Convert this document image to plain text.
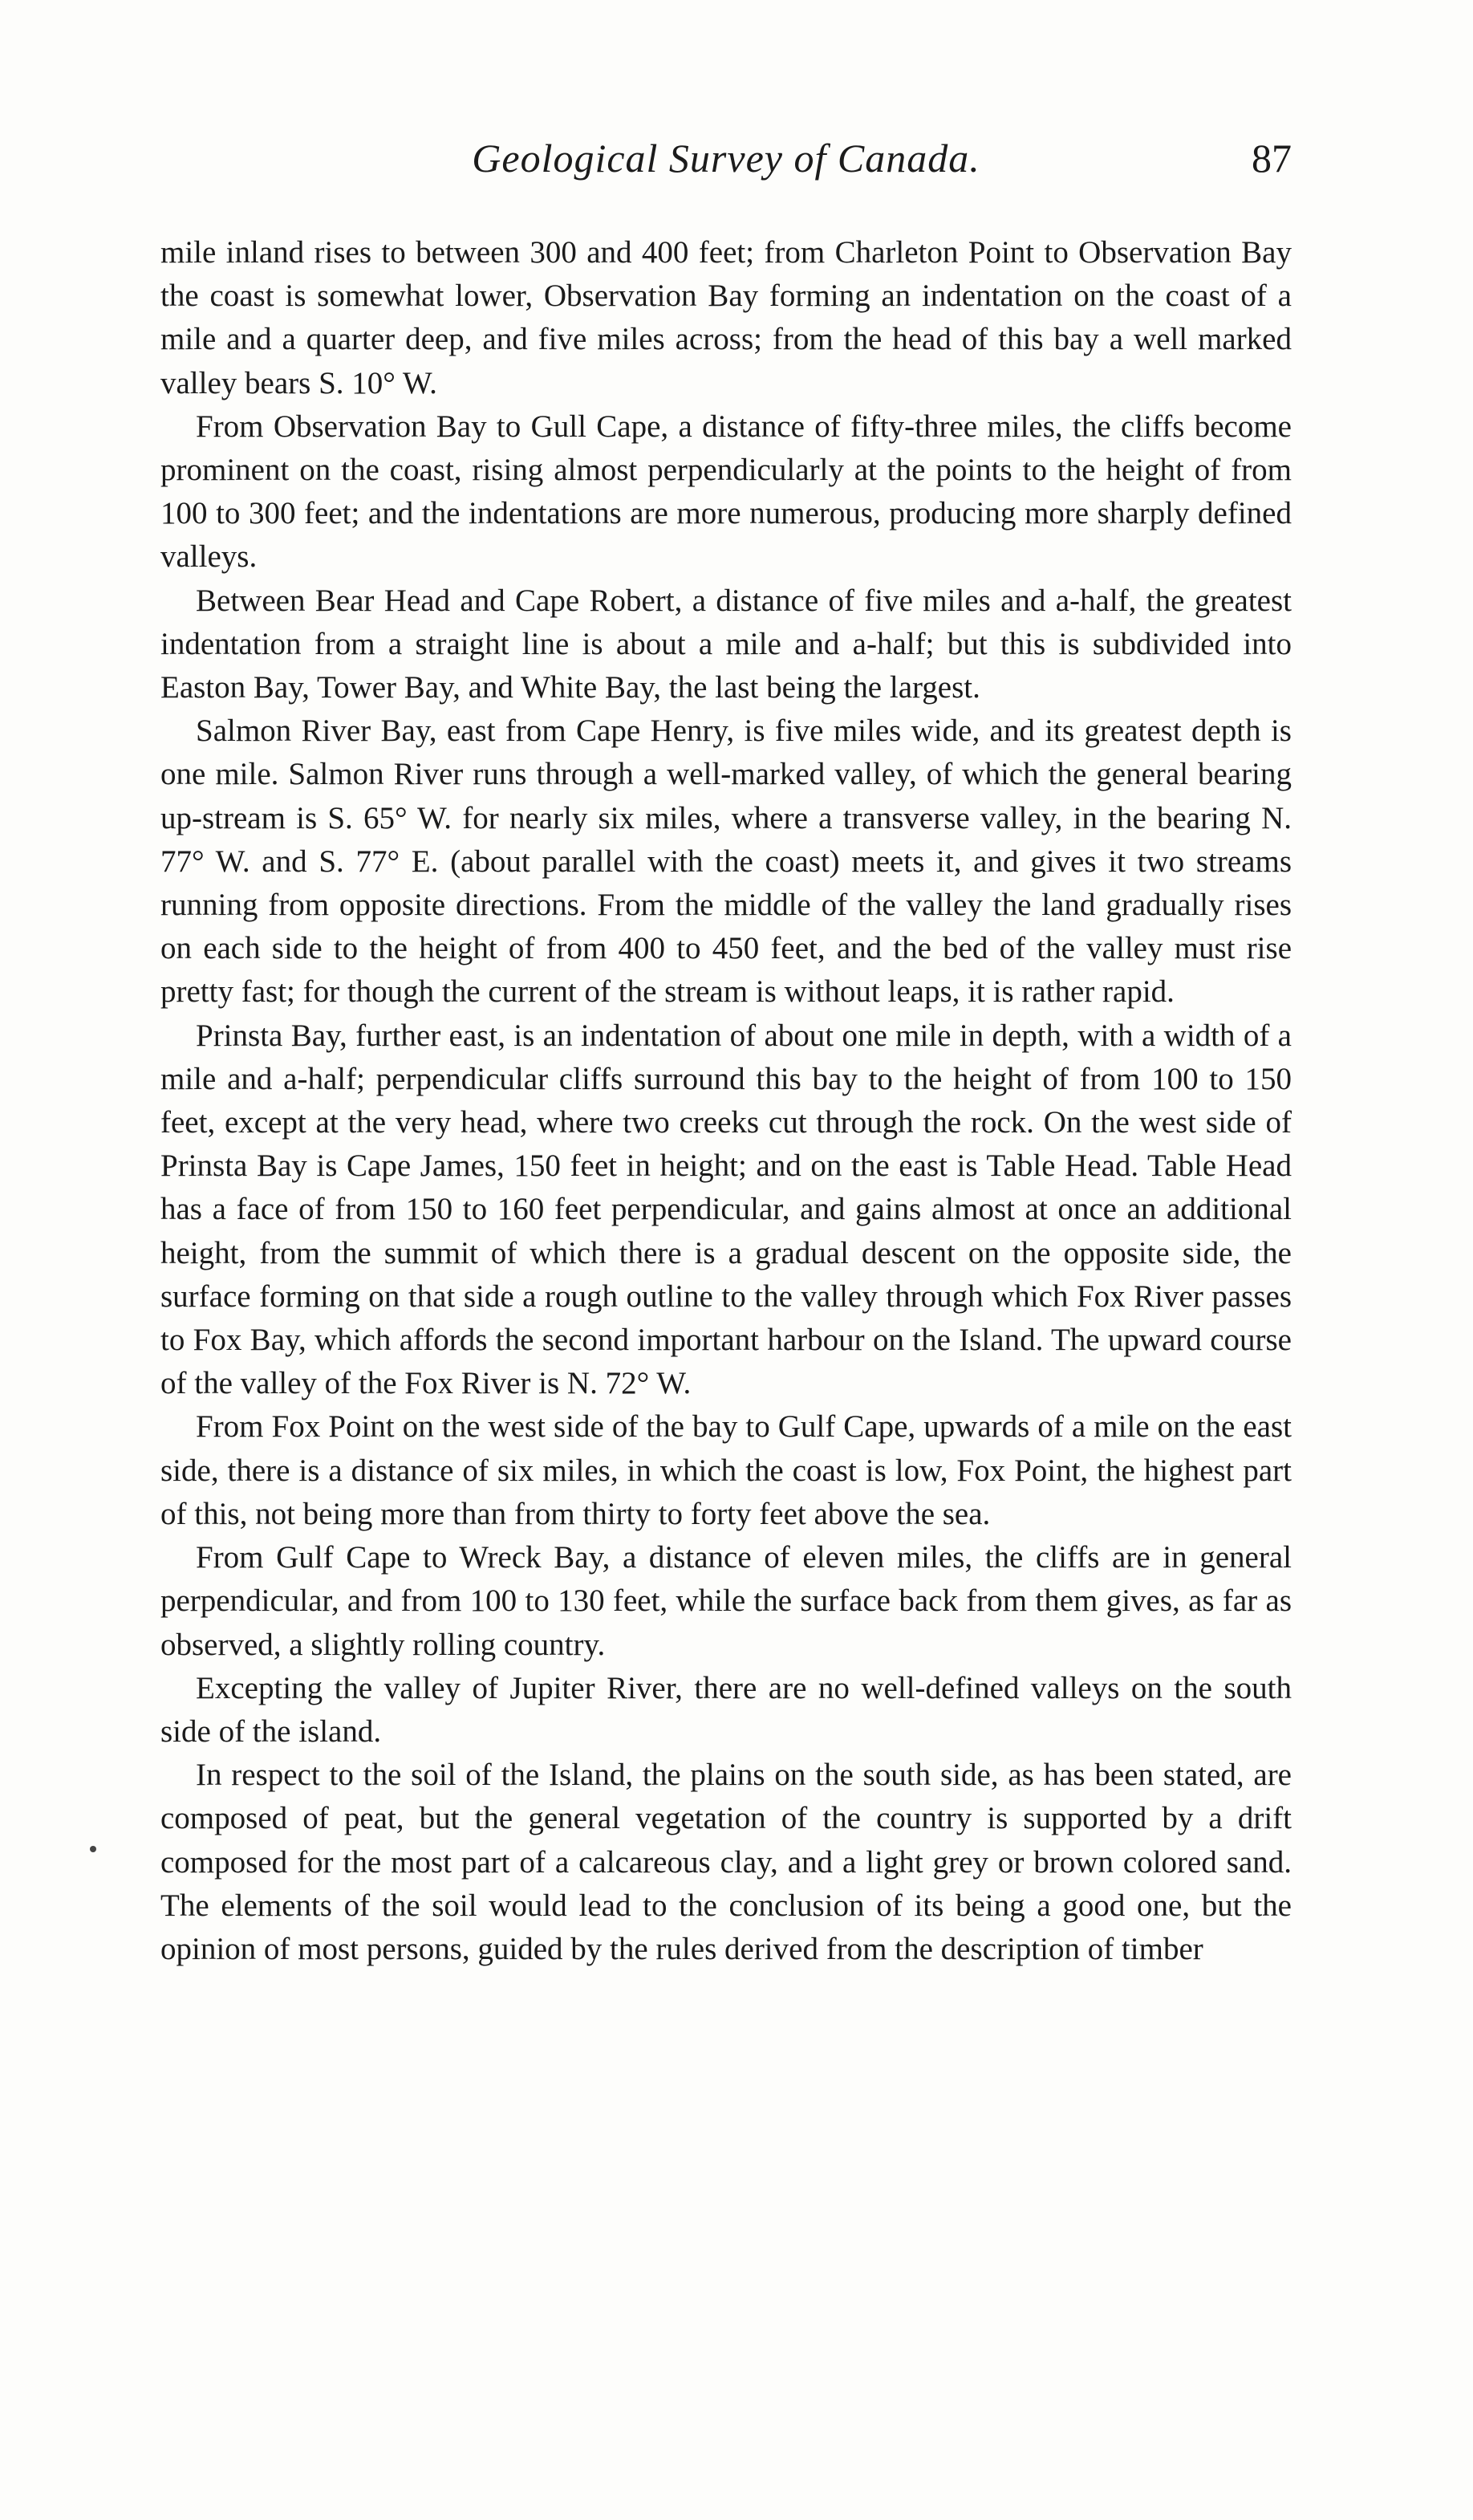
Geological Survey of Canada.	87

mile inland rises to between 300 and 400 feet; from Charleton Point to Observation Bay the coast is somewhat lower, Observation Bay forming an indentation on the coast of a mile and a quarter deep, and five miles across; from the head of this bay a well marked valley bears S. 10° W.

From Observation Bay to Gull Cape, a distance of fifty-three miles, the cliffs become prominent on the coast, rising almost perpendicularly at the points to the height of from 100 to 300 feet; and the indentations are more numerous, producing more sharply defined valleys.

Between Bear Head and Cape Robert, a distance of five miles and a-half, the greatest indentation from a straight line is about a mile and a-half; but this is subdivided into Easton Bay, Tower Bay, and White Bay, the last being the largest.

Salmon River Bay, east from Cape Henry, is five miles wide, and its greatest depth is one mile. Salmon River runs through a well-marked valley, of which the general bearing up-stream is S. 65° W. for nearly six miles, where a transverse valley, in the bearing N. 77° W. and S. 77° E. (about parallel with the coast) meets it, and gives it two streams running from opposite directions. From the middle of the valley the land gradually rises on each side to the height of from 400 to 450 feet, and the bed of the valley must rise pretty fast; for though the current of the stream is without leaps, it is rather rapid.

Prinsta Bay, further east, is an indentation of about one mile in depth, with a width of a mile and a-half; perpendicular cliffs surround this bay to the height of from 100 to 150 feet, except at the very head, where two creeks cut through the rock. On the west side of Prinsta Bay is Cape James, 150 feet in height; and on the east is Table Head. Table Head has a face of from 150 to 160 feet perpendicular, and gains almost at once an additional height, from the summit of which there is a gradual descent on the opposite side, the surface forming on that side a rough outline to the valley through which Fox River passes to Fox Bay, which affords the second important harbour on the Island. The upward course of the valley of the Fox River is N. 72° W.

From Fox Point on the west side of the bay to Gulf Cape, upwards of a mile on the east side, there is a distance of six miles, in which the coast is low, Fox Point, the highest part of this, not being more than from thirty to forty feet above the sea.

From Gulf Cape to Wreck Bay, a distance of eleven miles, the cliffs are in general perpendicular, and from 100 to 130 feet, while the surface back from them gives, as far as observed, a slightly rolling country.

Excepting the valley of Jupiter River, there are no well-defined valleys on the south side of the island.

In respect to the soil of the Island, the plains on the south side, as has been stated, are composed of peat, but the general vegetation of the country is supported by a drift composed for the most part of a calcareous clay, and a light grey or brown colored sand. The elements of the soil would lead to the conclusion of its being a good one, but the opinion of most persons, guided by the rules derived from the description of timber
